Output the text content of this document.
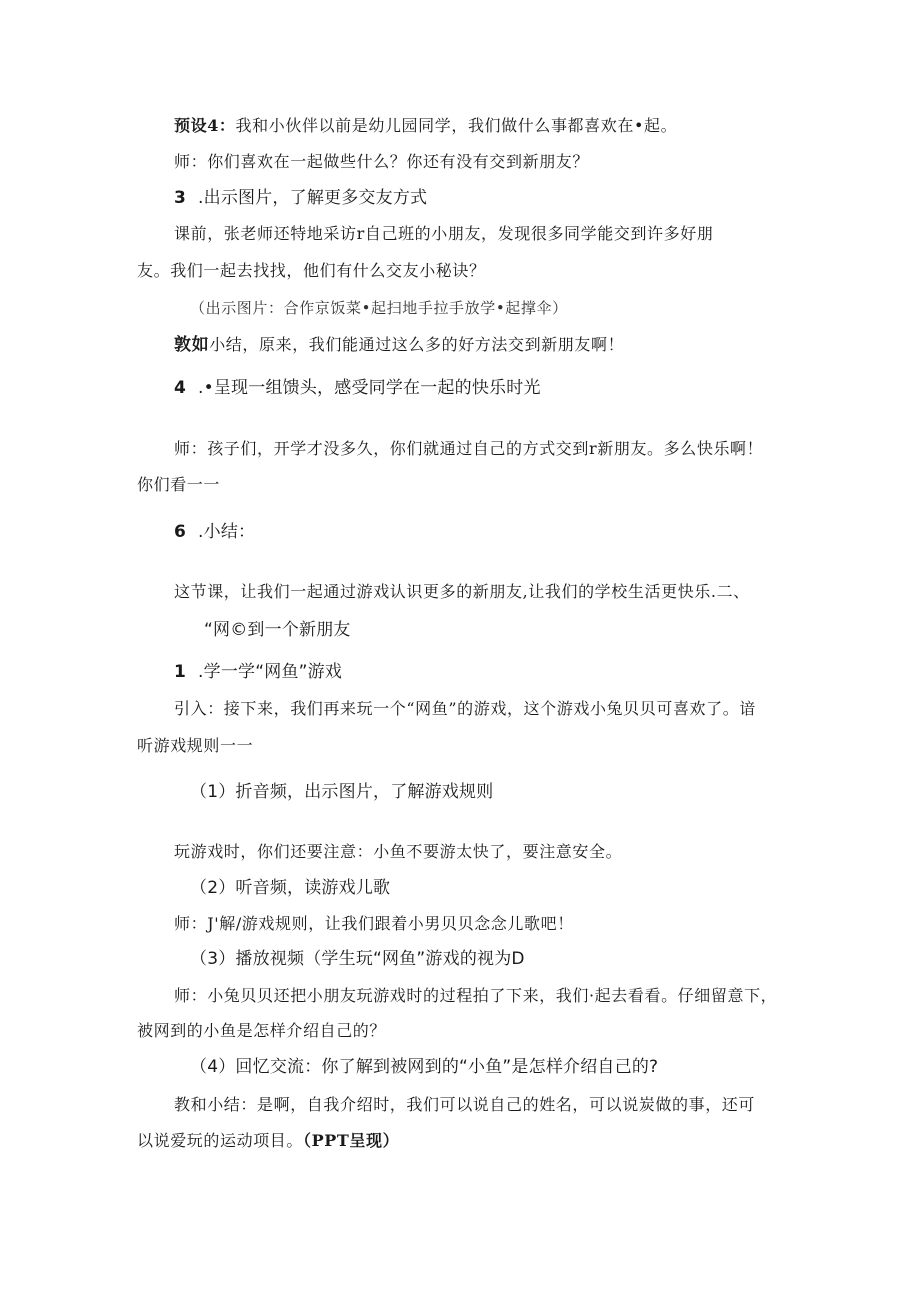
预设4：我和小伙伴以前是幼儿园同学，我们做什么事都喜欢在•起。
师：你们喜欢在一起做些什么？你还有没有交到新朋友？
3 .出示图片，了解更多交友方式
课前，张老师还特地采访r自己班的小朋友，发现很多同学能交到许多好朋
友。我们一起去找找，他们有什么交友小秘诀？
（出示图片：合作京饭菜•起扫地手拉手放学•起撑伞）
敦如小结，原来，我们能通过这么多的好方法交到新朋友啊！
4 .•呈现一组馈头，感受同学在一起的快乐时光
师：孩子们，开学才没多久，你们就通过自己的方式交到r新朋友。多么快乐啊！
你们看一一
6 .小结：
这节课，让我们一起通过游戏认识更多的新朋友,让我们的学校生活更快乐.二、
“网©到一个新朋友
1 .学一学“网鱼”游戏
引入：接下来，我们再来玩一个“网鱼”的游戏，这个游戏小兔贝贝可喜欢了。谙
听游戏规则一一
（1）折音频，出示图片，了解游戏规则
玩游戏时，你们还要注意：小鱼不要游太快了，要注意安全。
（2）听音频，读游戏儿歌
师：J'解/游戏规则，让我们跟着小男贝贝念念儿歌吧！
（3）播放视频（学生玩“网鱼”游戏的视为D
师：小兔贝贝还把小朋友玩游戏时的过程拍了下来，我们·起去看看。仔细留意下，
被网到的小鱼是怎样介绍自己的？
（4）回忆交流：你了解到被网到的“小鱼”是怎样介绍自己的?
教和小结：是啊，自我介绍时，我们可以说自己的姓名，可以说炭做的事，还可
以说爱玩的运动项目。（PPT呈现）
